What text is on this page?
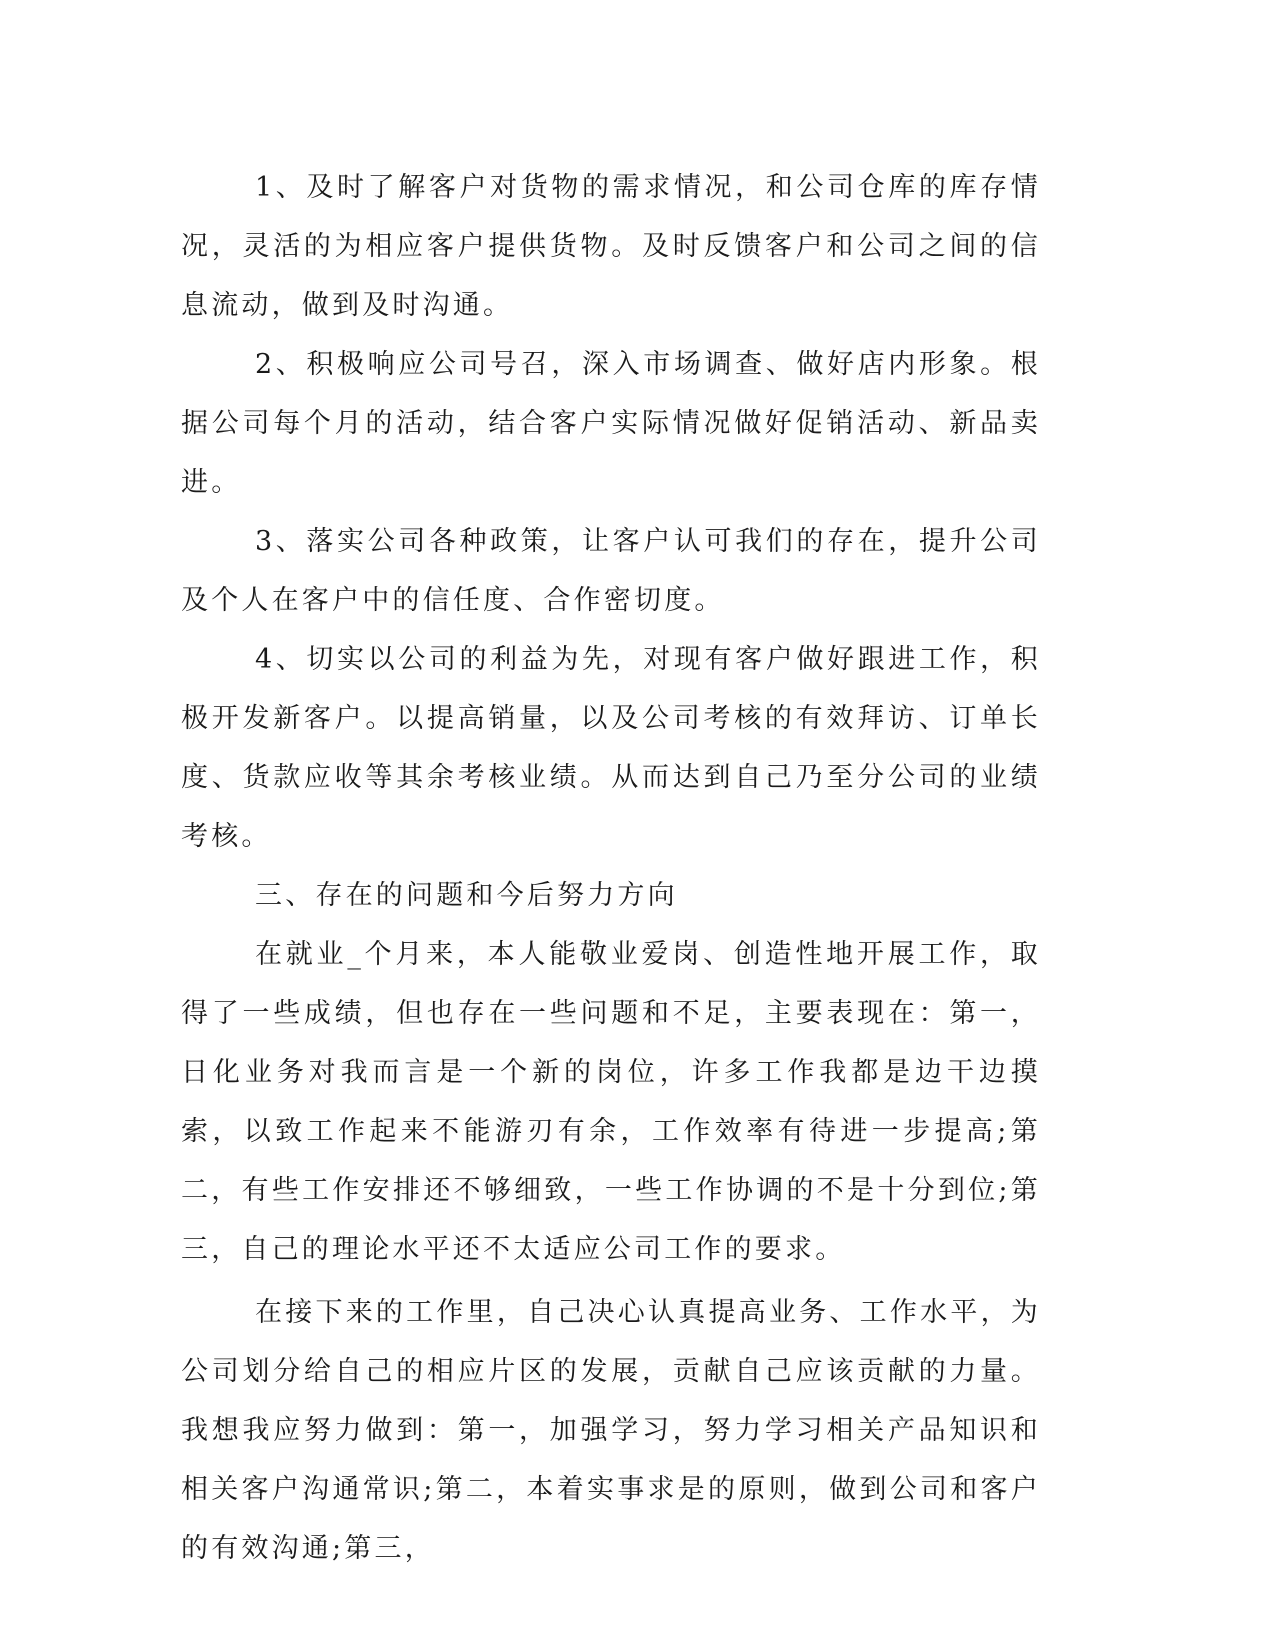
1、及时了解客户对货物的需求情况，和公司仓库的库存情况，灵活的为相应客户提供货物。及时反馈客户和公司之间的信息流动，做到及时沟通。

2、积极响应公司号召，深入市场调查、做好店内形象。根据公司每个月的活动，结合客户实际情况做好促销活动、新品卖进。

3、落实公司各种政策，让客户认可我们的存在，提升公司及个人在客户中的信任度、合作密切度。

4、切实以公司的利益为先，对现有客户做好跟进工作，积极开发新客户。以提高销量，以及公司考核的有效拜访、订单长度、货款应收等其余考核业绩。从而达到自己乃至分公司的业绩考核。

三、存在的问题和今后努力方向

在就业_个月来，本人能敬业爱岗、创造性地开展工作，取得了一些成绩，但也存在一些问题和不足，主要表现在：第一，日化业务对我而言是一个新的岗位，许多工作我都是边干边摸索，以致工作起来不能游刃有余，工作效率有待进一步提高;第二，有些工作安排还不够细致，一些工作协调的不是十分到位;第三，自己的理论水平还不太适应公司工作的要求。

在接下来的工作里，自己决心认真提高业务、工作水平，为公司划分给自己的相应片区的发展，贡献自己应该贡献的力量。我想我应努力做到：第一，加强学习，努力学习相关产品知识和相关客户沟通常识;第二，本着实事求是的原则，做到公司和客户的有效沟通;第三，
